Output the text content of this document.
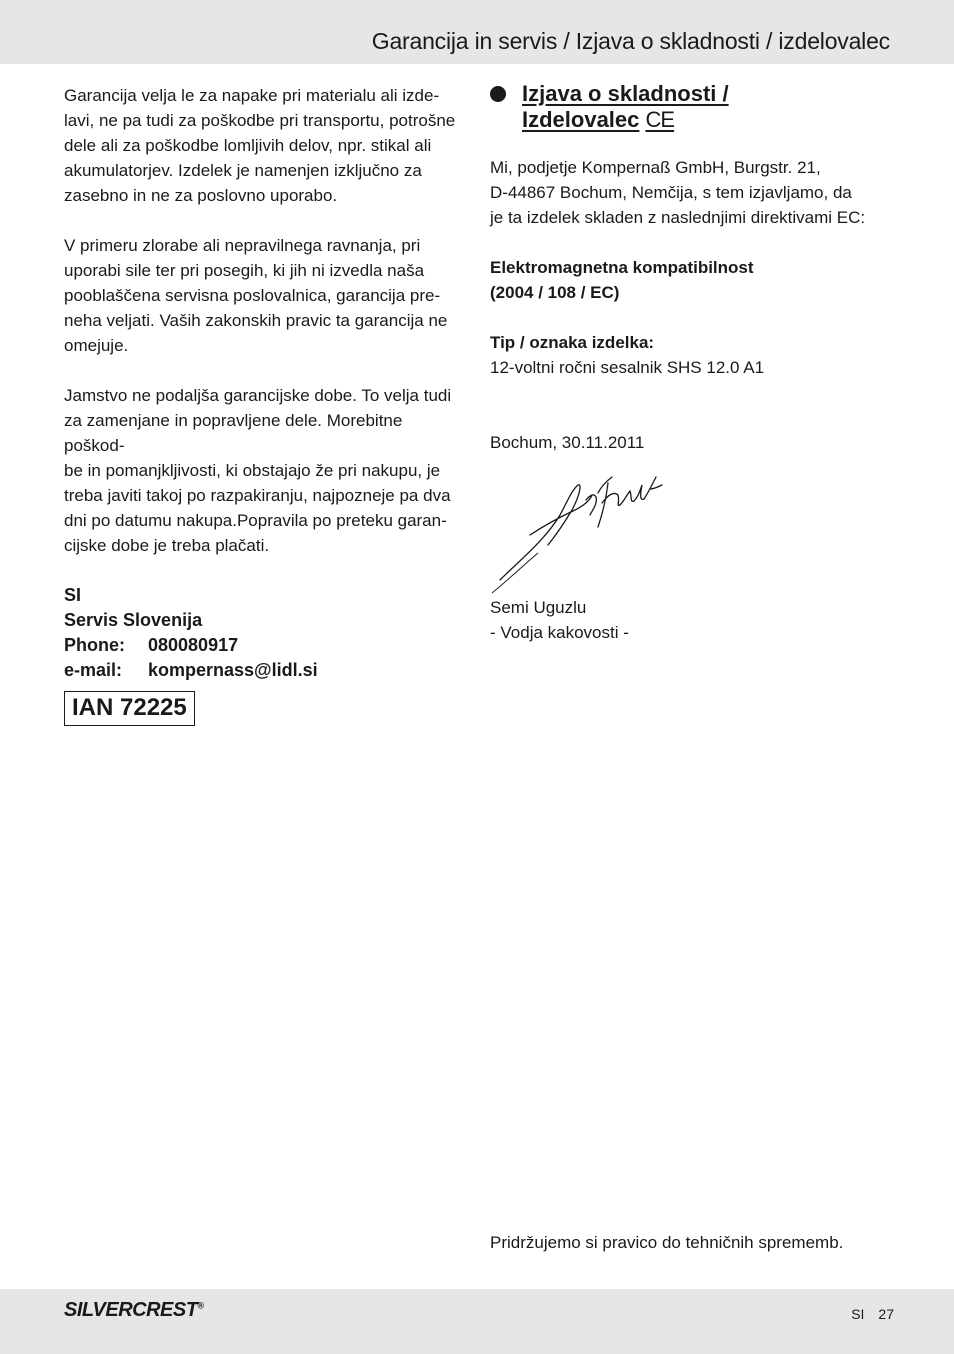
Garancija in servis / Izjava o skladnosti / izdelovalec

Garancija velja le za napake pri materialu ali izde-
lavi, ne pa tudi za poškodbe pri transportu, potrošne
dele ali za poškodbe lomljivih delov, npr. stikal ali
akumulatorjev. Izdelek je namenjen izključno za
zasebno in ne za poslovno uporabo.

V primeru zlorabe ali nepravilnega ravnanja, pri
uporabi sile ter pri posegih, ki jih ni izvedla naša
pooblaščena servisna poslovalnica, garancija pre-
neha veljati. Vaših zakonskih pravic ta garancija ne
omejuje.

Jamstvo ne podaljša garancijske dobe. To velja tudi
za zamenjane in popravljene dele. Morebitne poškod-
be in pomanjkljivosti, ki obstajajo že pri nakupu, je
treba javiti takoj po razpakiranju, najpozneje pa dva
dni po datumu nakupa.Popravila po preteku garan-
cijske dobe je treba plačati.

SI
Servis Slovenija
Phone:	080080917
e-mail:	kompernass@lidl.si
IAN 72225
Izjava o skladnosti /
Izdelovalec CE

Mi, podjetje Kompernaß GmbH, Burgstr. 21,
D-44867 Bochum, Nemčija, s tem izjavljamo, da
je ta izdelek skladen z naslednjimi direktivami EC:

Elektromagnetna kompatibilnost
(2004 / 108 / EC)

Tip / oznaka izdelka:

12-voltni ročni sesalnik SHS 12.0 A1

Bochum, 30.11.2011

Semi Uguzlu

- Vodja kakovosti -

Pridržujemo si pravico do tehničnih sprememb.
SILVERCREST®
SI 27
